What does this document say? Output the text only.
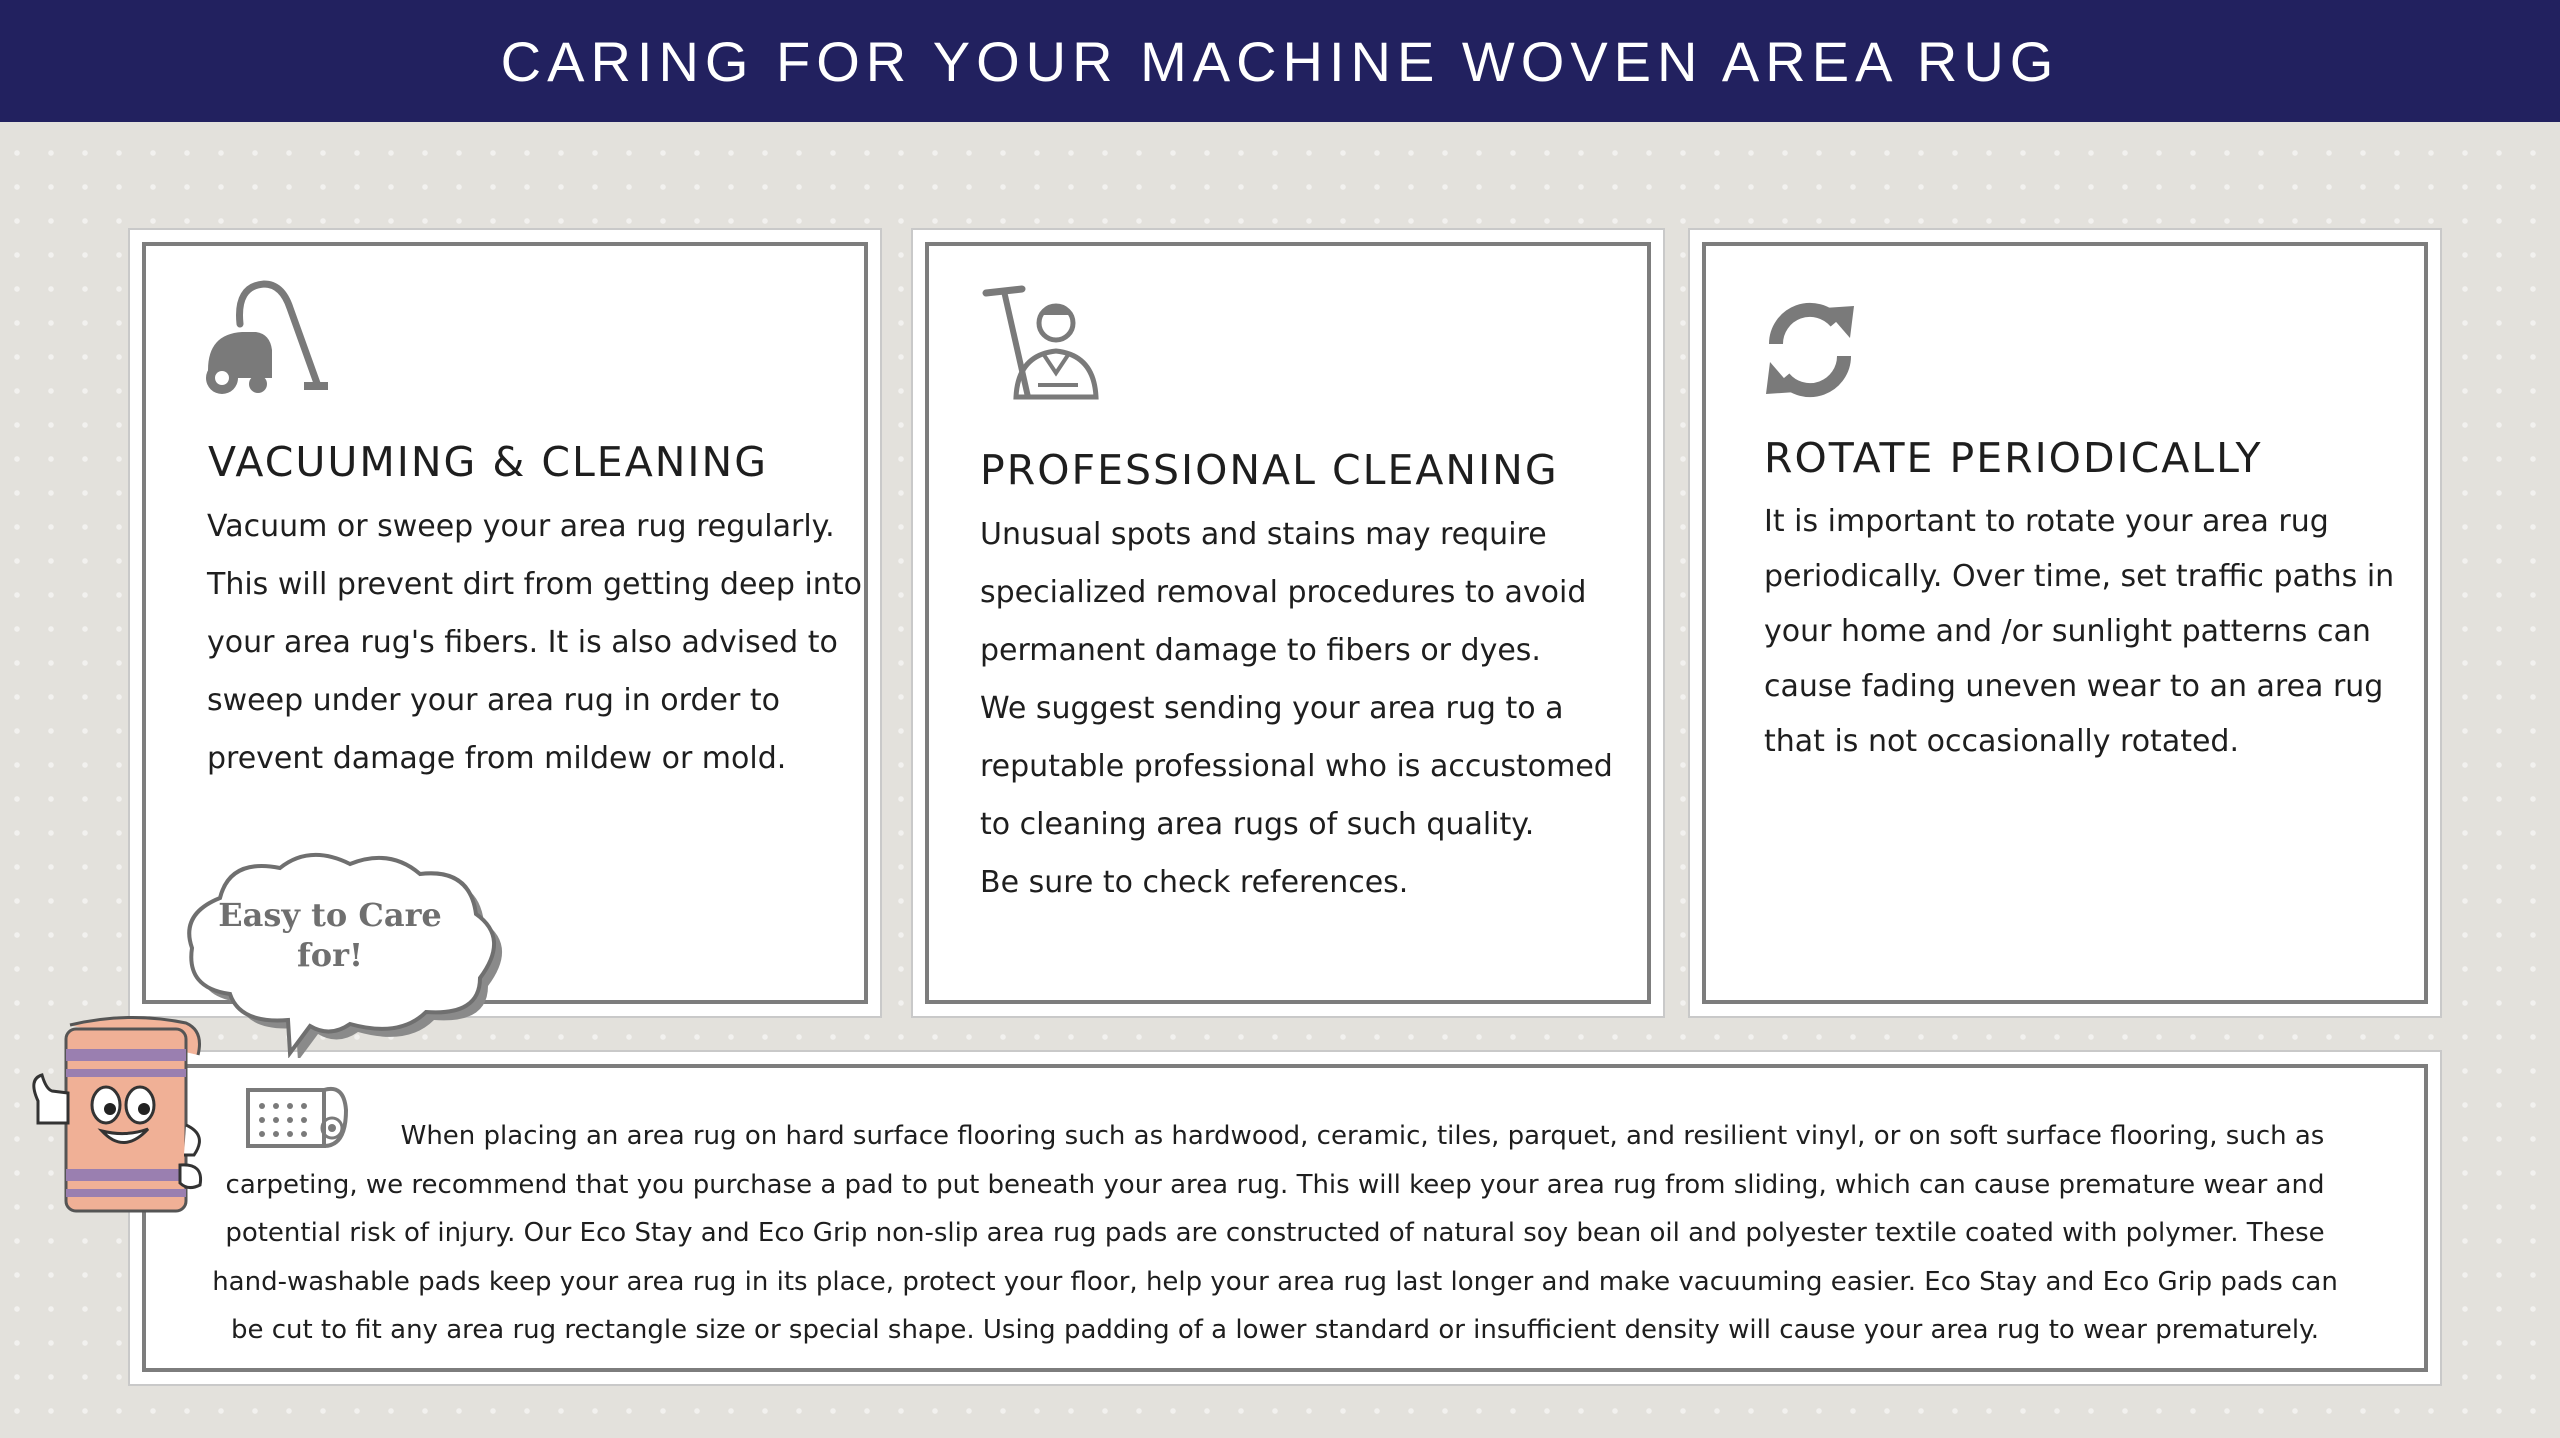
CARING FOR YOUR MACHINE WOVEN AREA RUG
VACUUMING & CLEANING
Vacuum or sweep your area rug regularly.
This will prevent dirt from getting deep into
your area rug's fibers. It is also advised to
sweep under your area rug in order to
prevent damage from mildew or mold.
PROFESSIONAL CLEANING
Unusual spots and stains may require
specialized removal procedures to avoid
permanent damage to fibers or dyes.
We suggest sending your area rug to a
reputable professional who is accustomed
to cleaning area rugs of such quality.
Be sure to check references.
ROTATE PERIODICALLY
It is important to rotate your area rug
periodically. Over time, set traffic paths in
your home and /or sunlight patterns can
cause fading uneven wear to an area rug
that is not occasionally rotated.
When placing an area rug on hard surface flooring such as hardwood, ceramic, tiles, parquet, and resilient vinyl, or on soft surface flooring, such as carpeting, we recommend that you purchase a pad to put beneath your area rug. This will keep your area rug from sliding, which can cause premature wear and potential risk of injury. Our Eco Stay and Eco Grip non-slip area rug pads are constructed of natural soy bean oil and polyester textile coated with polymer. These hand-washable pads keep your area rug in its place, protect your floor, help your area rug last longer and make vacuuming easier. Eco Stay and Eco Grip pads can be cut to fit any area rug rectangle size or special shape. Using padding of a lower standard or insufficient density will cause your area rug to wear prematurely.
Easy to Care for!
